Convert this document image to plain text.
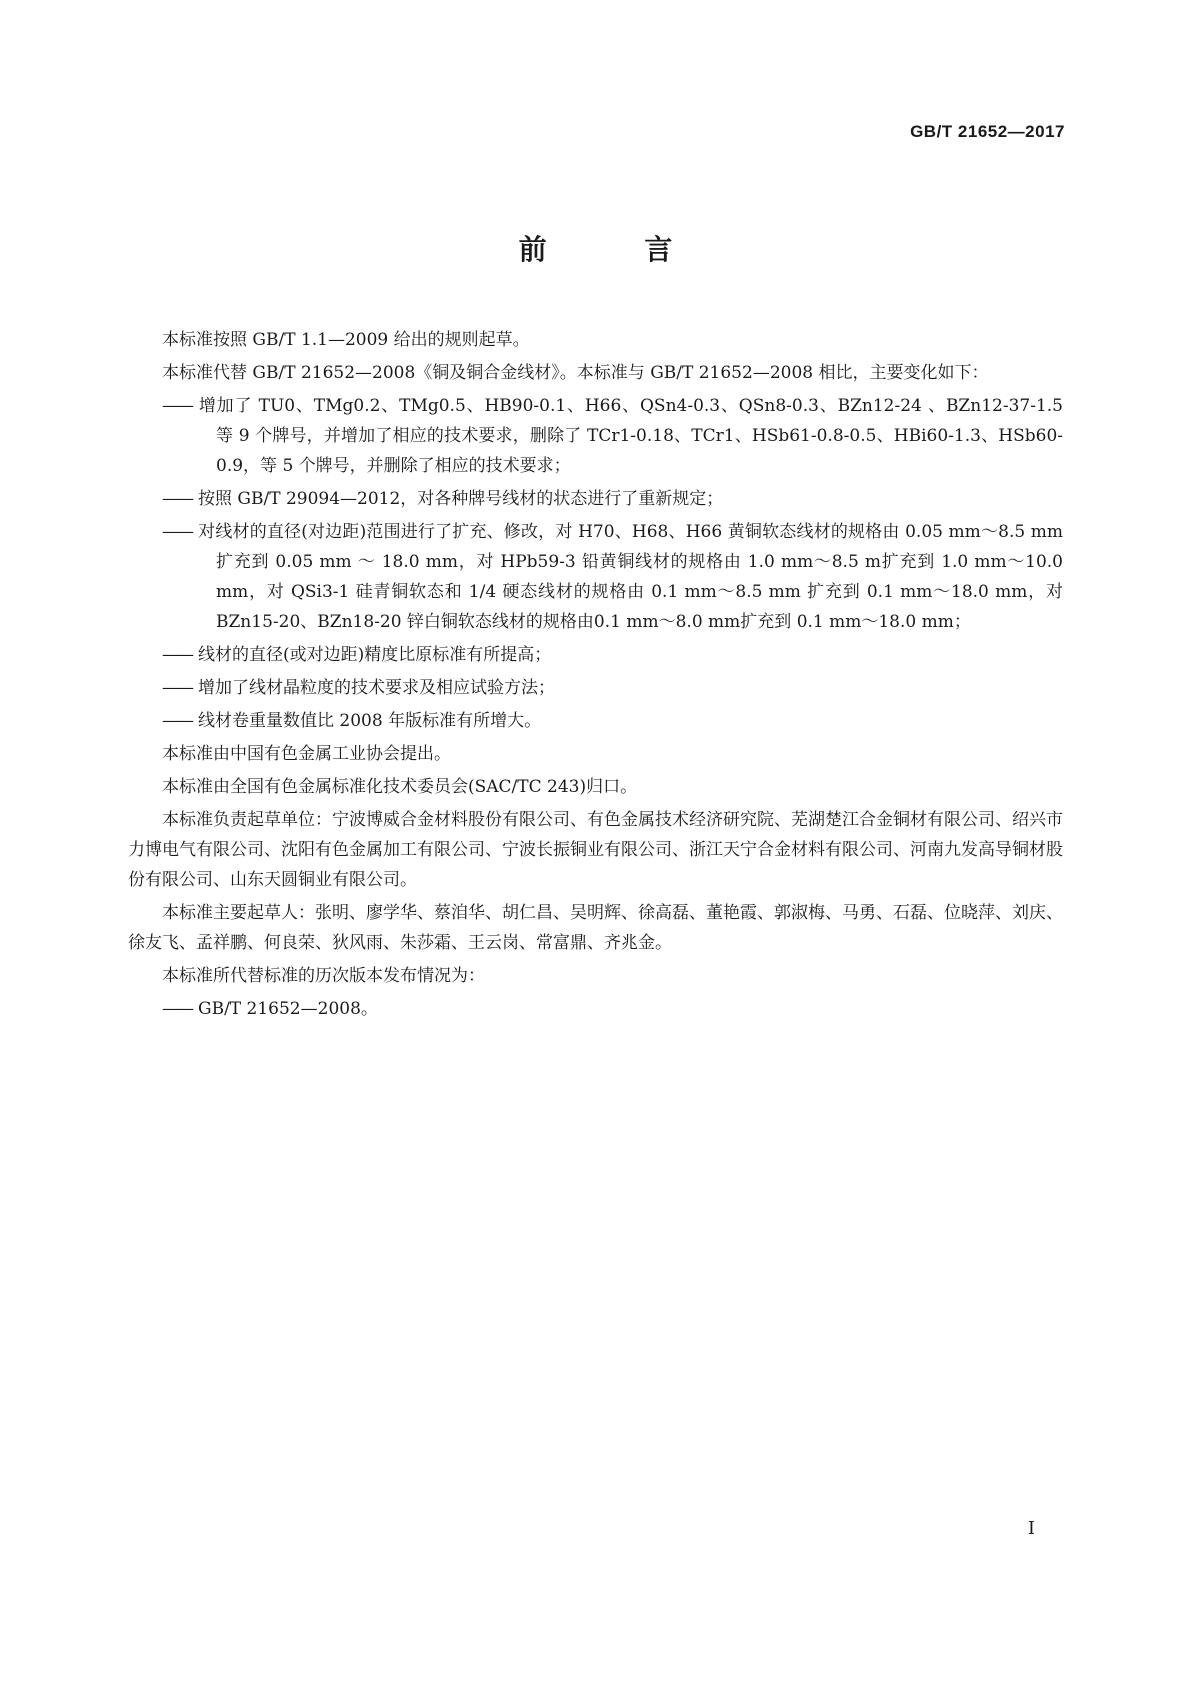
GB/T 21652—2017
前 言

本标准按照 GB/T 1.1—2009 给出的规则起草。

本标准代替 GB/T 21652—2008《铜及铜合金线材》。本标准与 GB/T 21652—2008 相比，主要变化如下：

—— 增加了 TU0、TMg0.2、TMg0.5、HB90-0.1、H66、QSn4-0.3、QSn8-0.3、BZn12-24 、BZn12-37-1.5 等 9 个牌号，并增加了相应的技术要求，删除了 TCr1-0.18、TCr1、HSb61-0.8-0.5、HBi60-1.3、HSb60-0.9，等 5 个牌号，并删除了相应的技术要求；
—— 按照 GB/T 29094—2012，对各种牌号线材的状态进行了重新规定；
—— 对线材的直径(对边距)范围进行了扩充、修改，对 H70、H68、H66 黄铜软态线材的规格由 0.05 mm～8.5 mm扩充到 0.05 mm ～ 18.0 mm，对 HPb59-3 铅黄铜线材的规格由 1.0 mm～8.5 m扩充到 1.0 mm～10.0 mm，对 QSi3-1 硅青铜软态和 1/4 硬态线材的规格由 0.1 mm～8.5 mm 扩充到 0.1 mm～18.0 mm，对 BZn15-20、BZn18-20 锌白铜软态线材的规格由0.1 mm～8.0 mm扩充到 0.1 mm～18.0 mm；
—— 线材的直径(或对边距)精度比原标准有所提高；
—— 增加了线材晶粒度的技术要求及相应试验方法；
—— 线材卷重量数值比 2008 年版标准有所增大。

本标准由中国有色金属工业协会提出。

本标准由全国有色金属标准化技术委员会(SAC/TC 243)归口。

本标准负责起草单位：宁波博威合金材料股份有限公司、有色金属技术经济研究院、芜湖楚江合金铜材有限公司、绍兴市力博电气有限公司、沈阳有色金属加工有限公司、宁波长振铜业有限公司、浙江天宁合金材料有限公司、河南九发高导铜材股份有限公司、山东天圆铜业有限公司。

本标准主要起草人：张明、廖学华、蔡洎华、胡仁昌、吴明辉、徐高磊、董艳霞、郭淑梅、马勇、石磊、位晓萍、刘庆、徐友飞、孟祥鹏、何良荣、狄风雨、朱莎霜、王云岗、常富鼎、齐兆金。

本标准所代替标准的历次版本发布情况为：

—— GB/T 21652—2008。
I
